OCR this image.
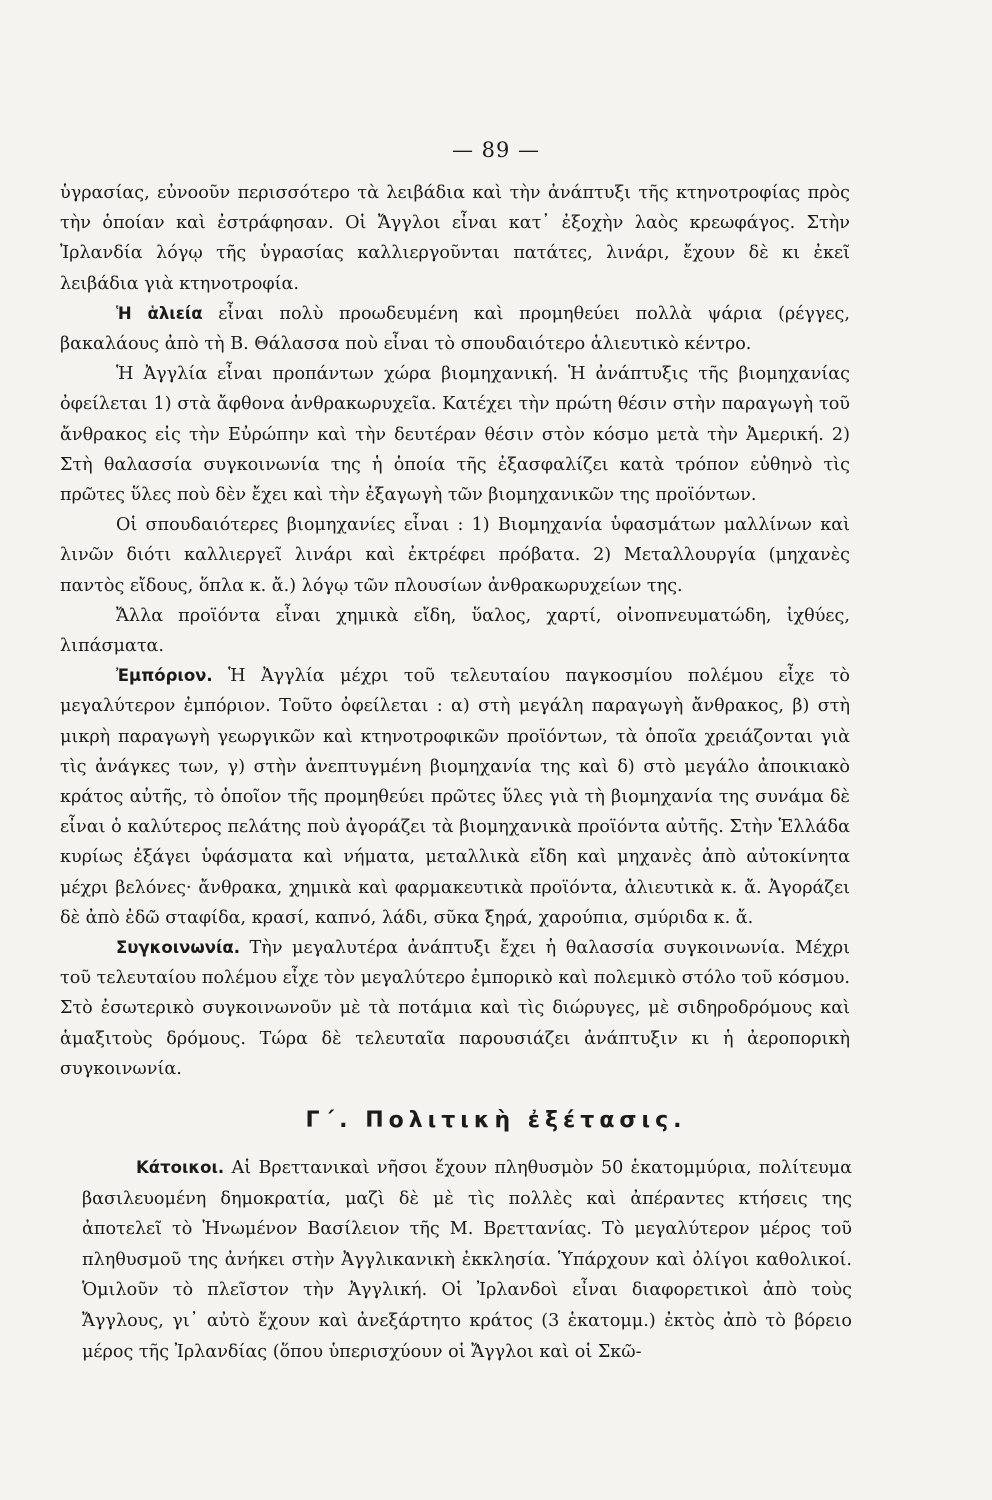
— 89 —

ὑγρασίας, εὐνοοῦν περισσότερο τὰ λειβάδια καὶ τὴν ἀνάπτυξι τῆς κτηνοτροφίας πρὸς τὴν ὁποίαν καὶ ἐστράφησαν. Οἱ Ἄγγλοι εἶναι κατ᾽ ἐξοχὴν λαὸς κρεωφάγος. Στὴν Ἰρλανδία λόγῳ τῆς ὑγρασίας καλλιεργοῦνται πατάτες, λινάρι, ἔχουν δὲ κι ἐκεῖ λειβάδια γιὰ κτηνοτροφία.

Ἡ ἁλιεία εἶναι πολὺ προωδευμένη καὶ προμηθεύει πολλὰ ψάρια (ρέγγες, βακαλάους ἀπὸ τὴ Β. Θάλασσα ποὺ εἶναι τὸ σπουδαιότερο ἁλιευτικὸ κέντρο.

Ἡ Ἀγγλία εἶναι προπάντων χώρα βιομηχανική. Ἡ ἀνάπτυξις τῆς βιομηχανίας ὀφείλεται 1) στὰ ἄφθονα ἀνθρακωρυχεῖα. Κατέχει τὴν πρώτη θέσιν στὴν παραγωγὴ τοῦ ἄνθρακος εἰς τὴν Εὐρώπην καὶ τὴν δευτέραν θέσιν στὸν κόσμο μετὰ τὴν Ἀμερική. 2) Στὴ θαλασσία συγκοινωνία της ἡ ὁποία τῆς ἐξασφαλίζει κατὰ τρόπον εὐθηνὸ τὶς πρῶτες ὕλες ποὺ δὲν ἔχει καὶ τὴν ἐξαγωγὴ τῶν βιομηχανικῶν της προϊόντων.

Οἱ σπουδαιότερες βιομηχανίες εἶναι : 1) Βιομηχανία ὑφασμάτων μαλλίνων καὶ λινῶν διότι καλλιεργεῖ λινάρι καὶ ἐκτρέφει πρόβατα. 2) Μεταλλουργία (μηχανὲς παντὸς εἴδους, ὅπλα κ. ἄ.) λόγῳ τῶν πλουσίων ἀνθρακωρυχείων της.

Ἄλλα προϊόντα εἶναι χημικὰ εἴδη, ὕαλος, χαρτί, οἰνοπνευματώδη, ἰχθύες, λιπάσματα.

Ἐμπόριον. Ἡ Ἀγγλία μέχρι τοῦ τελευταίου παγκοσμίου πολέμου εἶχε τὸ μεγαλύτερον ἐμπόριον. Τοῦτο ὀφείλεται : α) στὴ μεγάλη παραγωγὴ ἄνθρακος, β) στὴ μικρὴ παραγωγὴ γεωργικῶν καὶ κτηνοτροφικῶν προϊόντων, τὰ ὁποῖα χρειάζονται γιὰ τὶς ἀνάγκες των, γ) στὴν ἀνεπτυγμένη βιομηχανία της καὶ δ) στὸ μεγάλο ἀποικιακὸ κράτος αὐτῆς, τὸ ὁποῖον τῆς προμηθεύει πρῶτες ὕλες γιὰ τὴ βιομηχανία της συνάμα δὲ εἶναι ὁ καλύτερος πελάτης ποὺ ἀγοράζει τὰ βιομηχανικὰ προϊόντα αὐτῆς. Στὴν Ἑλλάδα κυρίως ἐξάγει ὑφάσματα καὶ νήματα, μεταλλικὰ εἴδη καὶ μηχανὲς ἀπὸ αὐτοκίνητα μέχρι βελόνες· ἄνθρακα, χημικὰ καὶ φαρμακευτικὰ προϊόντα, ἁλιευτικὰ κ. ἄ. Ἀγοράζει δὲ ἀπὸ ἐδῶ σταφίδα, κρασί, καπνό, λάδι, σῦκα ξηρά, χαρούπια, σμύριδα κ. ἄ.

Συγκοινωνία. Τὴν μεγαλυτέρα ἀνάπτυξι ἔχει ἡ θαλασσία συγκοινωνία. Μέχρι τοῦ τελευταίου πολέμου εἶχε τὸν μεγαλύτερο ἐμπορικὸ καὶ πολεμικὸ στόλο τοῦ κόσμου. Στὸ ἐσωτερικὸ συγκοινωνοῦν μὲ τὰ ποτάμια καὶ τὶς διώρυγες, μὲ σιδηροδρόμους καὶ ἁμαξιτοὺς δρόμους. Τώρα δὲ τελευταῖα παρουσιάζει ἀνάπτυξιν κι ἡ ἀεροπορικὴ συγκοινωνία.

Γ΄. Πολιτικὴ ἐξέτασις.

Κάτοικοι. Αἱ Βρεττανικαὶ νῆσοι ἔχουν πληθυσμὸν 50 ἑκατομμύρια, πολίτευμα βασιλευομένη δημοκρατία, μαζὶ δὲ μὲ τὶς πολλὲς καὶ ἀπέραντες κτήσεις της ἀποτελεῖ τὸ Ἡνωμένον Βασίλειον τῆς Μ. Βρεττανίας. Τὸ μεγαλύτερον μέρος τοῦ πληθυσμοῦ της ἀνήκει στὴν Ἀγγλικανικὴ ἐκκλησία. Ὑπάρχουν καὶ ὀλίγοι καθολικοί. Ὁμιλοῦν τὸ πλεῖστον τὴν Ἀγγλική. Οἱ Ἰρλανδοὶ εἶναι διαφορετικοὶ ἀπὸ τοὺς Ἄγγλους, γι᾽ αὐτὸ ἔχουν καὶ ἀνεξάρτητο κράτος (3 ἑκατομμ.) ἐκτὸς ἀπὸ τὸ βόρειο μέρος τῆς Ἰρλανδίας (ὅπου ὑπερισχύουν οἱ Ἄγγλοι καὶ οἱ Σκῶ-
